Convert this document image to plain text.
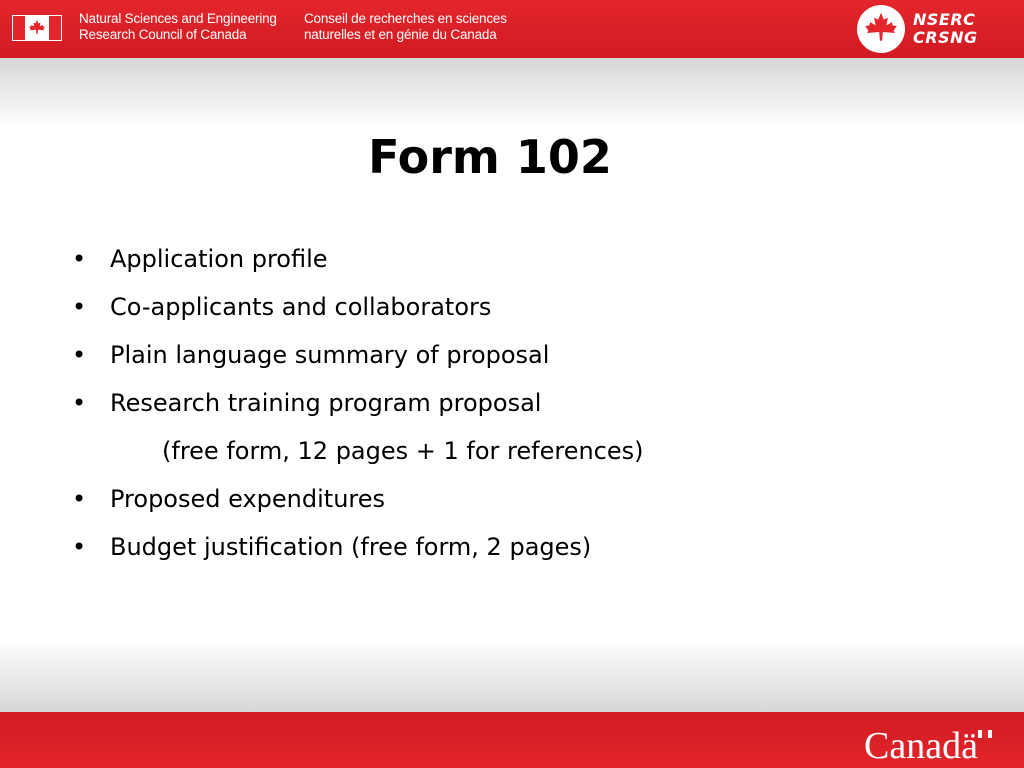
Natural Sciences and Engineering
Research Council of Canada
Conseil de recherches en sciences
naturelles et en génie du Canada
NSERC
CRSNG
Form 102
• Application profile
• Co-applicants and collaborators
• Plain language summary of proposal
• Research training program proposal
(free form, 12 pages + 1 for references)
• Proposed expenditures
• Budget justification (free form, 2 pages)
Canadä
